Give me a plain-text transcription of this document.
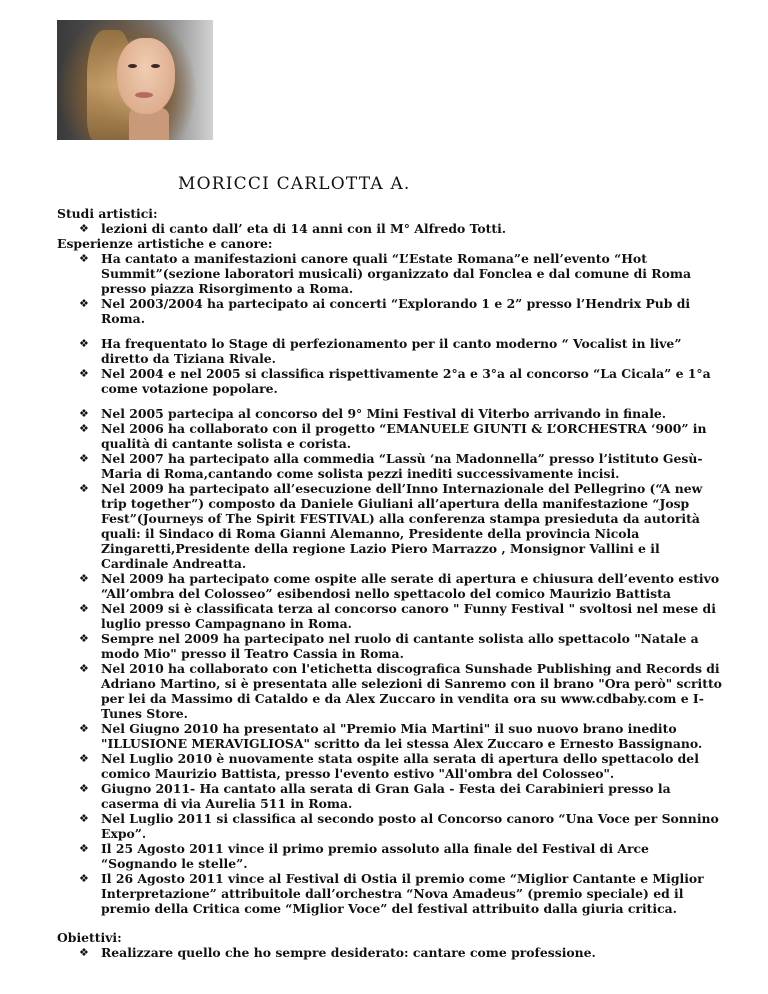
MORICCI CARLOTTA A.

Studi artistici:

❖ lezioni di canto dall’ eta di 14 anni con il M° Alfredo Totti.

Esperienze artistiche e canore:

❖ Ha cantato a manifestazioni canore quali “L’Estate Romana”e nell’evento “Hot Summit”(sezione laboratori musicali) organizzato dal Fonclea e dal comune di Roma presso piazza Risorgimento a Roma.
❖ Nel 2003/2004 ha partecipato ai concerti “Explorando 1 e 2” presso l’Hendrix Pub di Roma.
❖ Ha frequentato lo Stage di perfezionamento per il canto moderno “ Vocalist in live” diretto da Tiziana Rivale.
❖ Nel 2004 e nel 2005 si classifica rispettivamente 2°a e 3°a al concorso “La Cicala” e 1°a come votazione popolare.
❖ Nel 2005 partecipa al concorso del 9° Mini Festival di Viterbo arrivando in finale.
❖ Nel 2006 ha collaborato con il progetto “EMANUELE GIUNTI & L’ORCHESTRA ‘900” in qualità di cantante solista e corista.
❖ Nel 2007 ha partecipato alla commedia “Lassù ‘na Madonnella” presso l’istituto Gesù-Maria di Roma,cantando come solista pezzi inediti successivamente incisi.
❖ Nel 2009 ha partecipato all’esecuzione dell’Inno Internazionale del Pellegrino (“A new trip together”) composto da Daniele Giuliani all’apertura della manifestazione “Josp Fest”(Journeys of The Spirit FESTIVAL) alla conferenza stampa presieduta da autorità quali: il Sindaco di Roma Gianni Alemanno, Presidente della provincia Nicola Zingaretti,Presidente della regione Lazio Piero Marrazzo , Monsignor Vallini e il Cardinale Andreatta.
❖ Nel 2009 ha partecipato come ospite alle serate di apertura e chiusura dell’evento estivo “All’ombra del Colosseo” esibendosi nello spettacolo del comico Maurizio Battista
❖ Nel 2009 si è classificata terza al concorso canoro " Funny Festival " svoltosi nel mese di luglio presso Campagnano in Roma.
❖ Sempre nel 2009 ha partecipato nel ruolo di cantante solista allo spettacolo "Natale a modo Mio" presso il Teatro Cassia in Roma.
❖ Nel 2010 ha collaborato con l'etichetta discografica Sunshade Publishing and Records di Adriano Martino, si è presentata alle selezioni di Sanremo con il brano "Ora però" scritto per lei da Massimo di Cataldo e da Alex Zuccaro in vendita ora su www.cdbaby.com e I-Tunes Store.
❖ Nel Giugno 2010 ha presentato al "Premio Mia Martini" il suo nuovo brano inedito "ILLUSIONE MERAVIGLIOSA" scritto da lei stessa Alex Zuccaro e Ernesto Bassignano.
❖ Nel Luglio 2010 è nuovamente stata ospite alla serata di apertura dello spettacolo del comico Maurizio Battista, presso l'evento estivo "All'ombra del Colosseo".
❖ Giugno 2011- Ha cantato alla serata di Gran Gala - Festa dei Carabinieri presso la caserma di via Aurelia 511 in Roma.
❖ Nel Luglio 2011 si classifica al secondo posto al Concorso canoro “Una Voce per Sonnino Expo”.
❖ Il 25 Agosto 2011 vince il primo premio assoluto alla finale del Festival di Arce “Sognando le stelle”.
❖ Il 26 Agosto 2011 vince al Festival di Ostia il premio come “Miglior Cantante e Miglior Interpretazione” attribuitole dall’orchestra “Nova Amadeus” (premio speciale) ed il premio della Critica come “Miglior Voce” del festival attribuito dalla giuria critica.

Obiettivi:

❖ Realizzare quello che ho sempre desiderato: cantare come professione.
